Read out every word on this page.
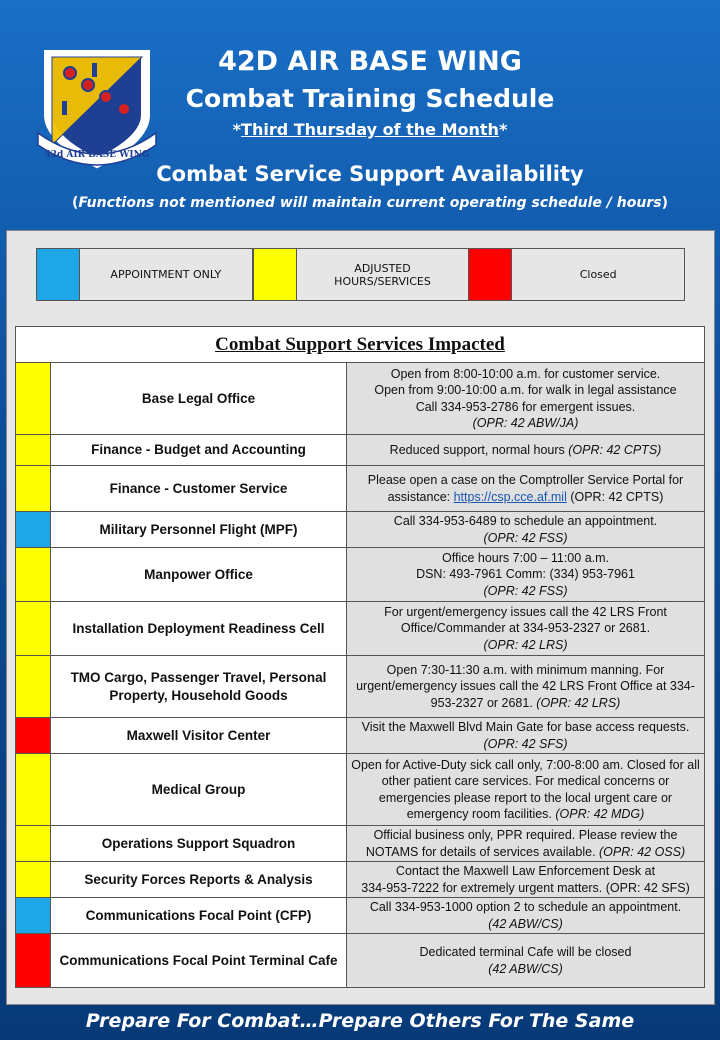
42d AIR BASE WING
42D AIR BASE WING
Combat Training Schedule
*Third Thursday of the Month*
Combat Service Support Availability
(Functions not mentioned will maintain current operating schedule / hours)
APPOINTMENT ONLY	ADJUSTED
HOURS/SERVICES	Closed
Combat Support Services Impacted		
	Base Legal Office	Open from 8:00-10:00 a.m. for customer service.
Open from 9:00-10:00 a.m. for walk in legal assistance
Call 334-953-2786 for emergent issues.
(OPR: 42 ABW/JA)

	Finance - Budget and Accounting	Reduced support, normal hours (OPR: 42 CPTS)
	Finance - Customer Service	Please open a case on the Comptroller Service Portal for assistance: https://csp.cce.af.mil (OPR: 42 CPTS)
	Military Personnel Flight (MPF)	Call 334-953-6489 to schedule an appointment.
(OPR: 42 FSS)

	Manpower Office	Office hours 7:00 – 11:00 a.m.
DSN: 493-7961 Comm: (334) 953-7961
(OPR: 42 FSS)

	Installation Deployment Readiness Cell	For urgent/emergency issues call the 42 LRS Front
Office/Commander at 334-953-2327 or 2681.
(OPR: 42 LRS)

	TMO Cargo, Passenger Travel, Personal Property, Household Goods	Open 7:30-11:30 a.m. with minimum manning. For urgent/emergency issues call the 42 LRS Front Office at 334-953-2327 or 2681. (OPR: 42 LRS)
	Maxwell Visitor Center	Visit the Maxwell Blvd Main Gate for base access requests.
(OPR: 42 SFS)

	Medical Group	Open for Active-Duty sick call only, 7:00-8:00 am. Closed for all other patient care services. For medical concerns or emergencies please report to the local urgent care or emergency room facilities. (OPR: 42 MDG)
	Operations Support Squadron	Official business only, PPR required. Please review the NOTAMS for details of services available. (OPR: 42 OSS)
	Security Forces Reports & Analysis	Contact the Maxwell Law Enforcement Desk at
334-953-7222 for extremely urgent matters. (OPR: 42 SFS)

	Communications Focal Point (CFP)	Call 334-953-1000 option 2 to schedule an appointment.
(42 ABW/CS)

	Communications Focal Point Terminal Cafe	Dedicated terminal Cafe will be closed
(42 ABW/CS)
Prepare For Combat…Prepare Others For The Same
